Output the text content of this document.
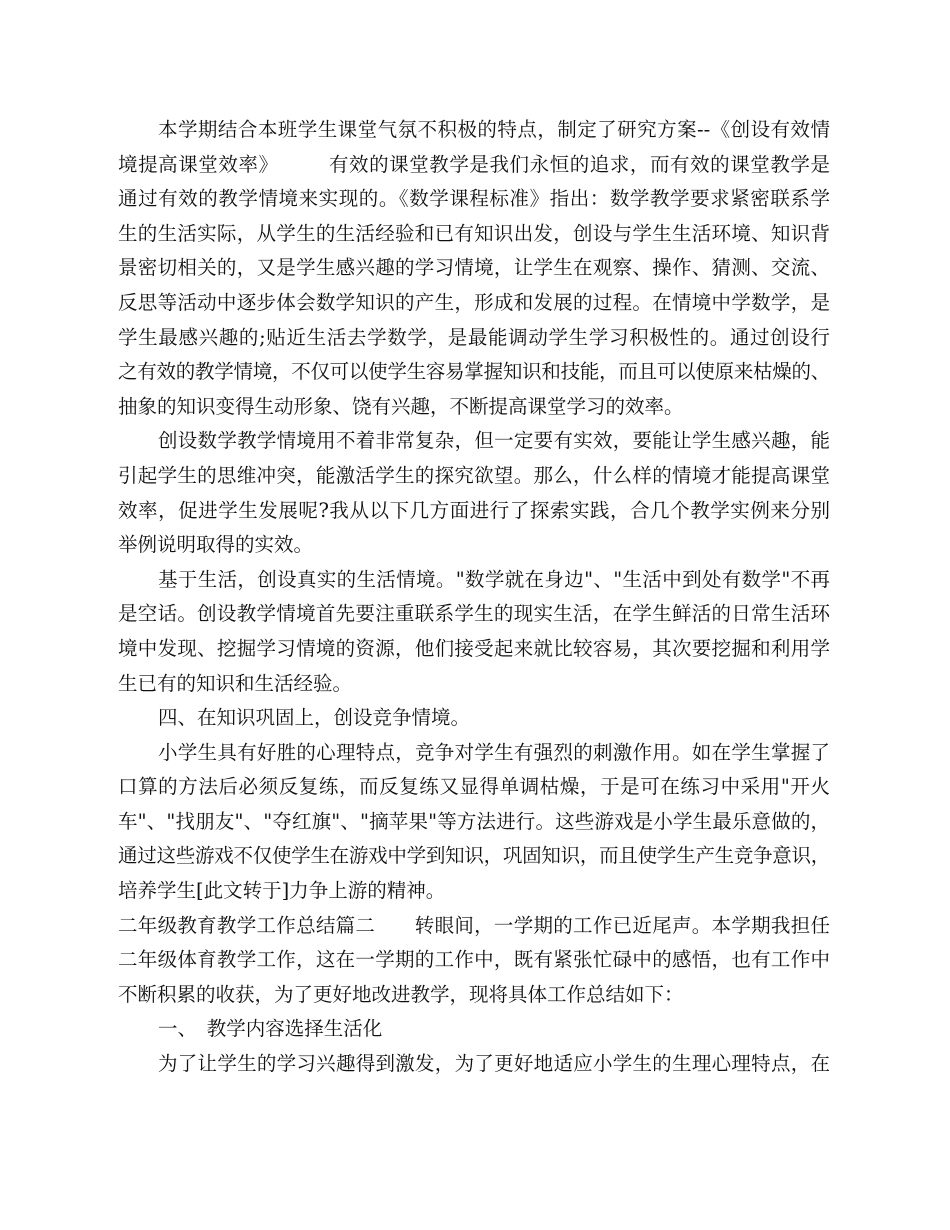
本学期结合本班学生课堂气氛不积极的特点，制定了研究方案--《创设有效情
境提高课堂效率》　　　有效的课堂教学是我们永恒的追求，而有效的课堂教学是
通过有效的教学情境来实现的。《数学课程标准》指出：数学教学要求紧密联系学
生的生活实际，从学生的生活经验和已有知识出发，创设与学生生活环境、知识背
景密切相关的，又是学生感兴趣的学习情境，让学生在观察、操作、猜测、交流、
反思等活动中逐步体会数学知识的产生，形成和发展的过程。在情境中学数学，是
学生最感兴趣的;贴近生活去学数学，是最能调动学生学习积极性的。通过创设行
之有效的教学情境，不仅可以使学生容易掌握知识和技能，而且可以使原来枯燥的、
抽象的知识变得生动形象、饶有兴趣，不断提高课堂学习的效率。
创设数学教学情境用不着非常复杂，但一定要有实效，要能让学生感兴趣，能
引起学生的思维冲突，能激活学生的探究欲望。那么，什么样的情境才能提高课堂
效率，促进学生发展呢?我从以下几方面进行了探索实践，合几个教学实例来分别
举例说明取得的实效。
基于生活，创设真实的生活情境。"数学就在身边"、"生活中到处有数学"不再
是空话。创设教学情境首先要注重联系学生的现实生活，在学生鲜活的日常生活环
境中发现、挖掘学习情境的资源，他们接受起来就比较容易，其次要挖掘和利用学
生已有的知识和生活经验。
四、在知识巩固上，创设竞争情境。
小学生具有好胜的心理特点，竞争对学生有强烈的刺激作用。如在学生掌握了
口算的方法后必须反复练，而反复练又显得单调枯燥，于是可在练习中采用"开火
车"、"找朋友"、"夺红旗"、"摘苹果"等方法进行。这些游戏是小学生最乐意做的，
通过这些游戏不仅使学生在游戏中学到知识，巩固知识，而且使学生产生竞争意识，
培养学生[此文转于]力争上游的精神。
二年级教育教学工作总结篇二　　转眼间，一学期的工作已近尾声。本学期我担任
二年级体育教学工作，这在一学期的工作中，既有紧张忙碌中的感悟，也有工作中
不断积累的收获，为了更好地改进教学，现将具体工作总结如下：
一、　教学内容选择生活化
为了让学生的学习兴趣得到激发，为了更好地适应小学生的生理心理特点，在
